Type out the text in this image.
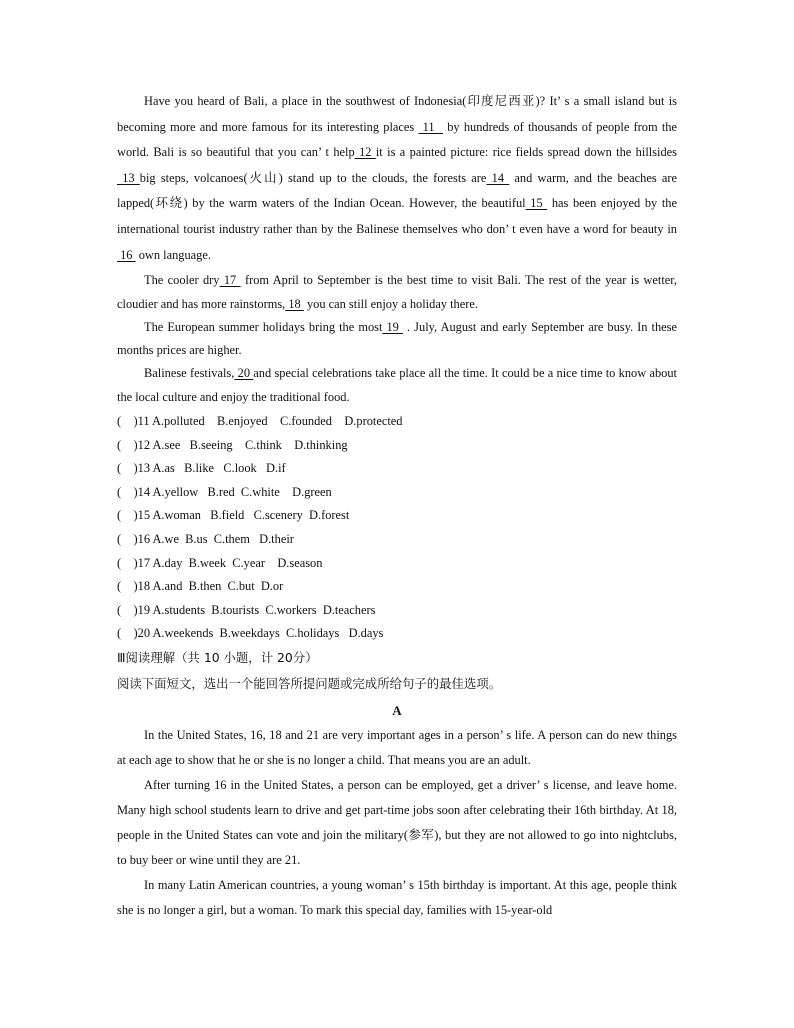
Have you heard of Bali, a place in the southwest of Indonesia(印度尼西亚)? It’ s a small island but is becoming more and more famous for its interesting places  11   by hundreds of thousands of people from the world. Bali is so beautiful that you can’ t help 12 it is a painted picture: rice fields spread down the hillsides  13 big steps, volcanoes(火山) stand up to the clouds, the forests are 14  and warm, and the beaches are lapped(环绕) by the warm waters of the Indian Ocean. However, the beautiful 15  has been enjoyed by the international tourist industry rather than by the Balinese themselves who don’ t even have a word for beauty in 16  own language.

The cooler dry 17  from April to September is the best time to visit Bali. The rest of the year is wetter, cloudier and has more rainstorms, 18  you can still enjoy a holiday there.

The European summer holidays bring the most 19  . July, August and early September are busy. In these months prices are higher.

Balinese festivals, 20 and special celebrations take place all the time. It could be a nice time to know about the local culture and enjoy the traditional food.

(    )11 A.polluted    B.enjoyed    C.founded    D.protected
(    )12 A.see   B.seeing    C.think    D.thinking
(    )13 A.as   B.like   C.look   D.if
(    )14 A.yellow   B.red  C.white    D.green
(    )15 A.woman   B.field   C.scenery  D.forest
(    )16 A.we  B.us  C.them   D.their
(    )17 A.day  B.week  C.year    D.season
(    )18 A.and  B.then  C.but  D.or
(    )19 A.students  B.tourists  C.workers  D.teachers
(    )20 A.weekends  B.weekdays  C.holidays   D.days
Ⅲ阅读理解（共 10 小题，计 20分）
阅读下面短文，选出一个能回答所提问题或完成所给句子的最佳选项。
A

In the United States, 16, 18 and 21 are very important ages in a person’ s life. A person can do new things at each age to show that he or she is no longer a child. That means you are an adult.

After turning 16 in the United States, a person can be employed, get a driver’ s license, and leave home. Many high school students learn to drive and get part-time jobs soon after celebrating their 16th birthday. At 18, people in the United States can vote and join the military(参军), but they are not allowed to go into nightclubs, to buy beer or wine until they are 21.

In many Latin American countries, a young woman’ s 15th birthday is important. At this age, people think she is no longer a girl, but a woman. To mark this special day, families with 15-year-old
